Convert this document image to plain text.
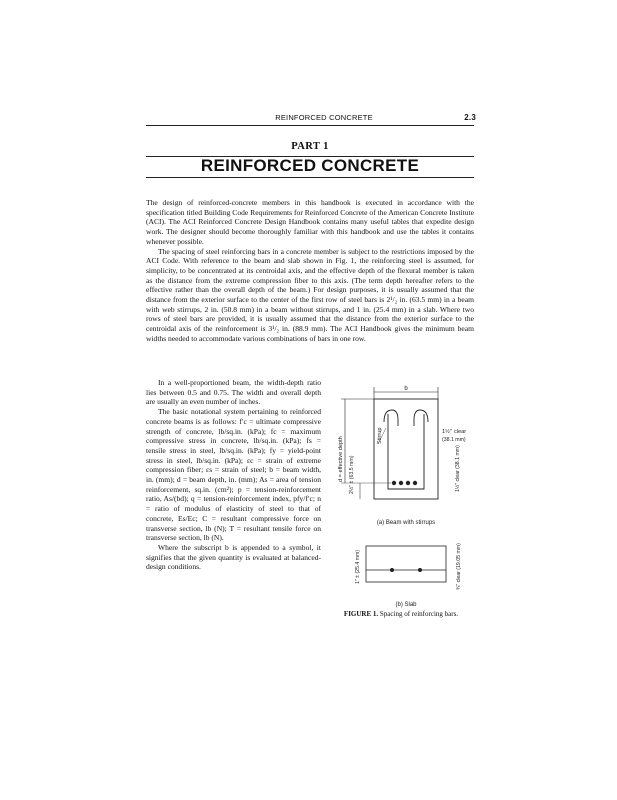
REINFORCED CONCRETE	2.3
PART 1
REINFORCED CONCRETE

The design of reinforced-concrete members in this handbook is executed in accordance with the specification titled Building Code Requirements for Reinforced Concrete of the American Concrete Institute (ACI). The ACI Reinforced Concrete Design Handbook contains many useful tables that expedite design work. The designer should become thoroughly familiar with this handbook and use the tables it contains whenever possible.

The spacing of steel reinforcing bars in a concrete member is subject to the restrictions imposed by the ACI Code. With reference to the beam and slab shown in Fig. 1, the reinforcing steel is assumed, for simplicity, to be concentrated at its centroidal axis, and the effective depth of the flexural member is taken as the distance from the extreme compression fiber to this axis. (The term depth hereafter refers to the effective rather than the overall depth of the beam.) For design purposes, it is usually assumed that the distance from the exterior surface to the center of the first row of steel bars is 2¹/₂ in. (63.5 mm) in a beam with web stirrups, 2 in. (50.8 mm) in a beam without stirrups, and 1 in. (25.4 mm) in a slab. Where two rows of steel bars are provided, it is usually assumed that the distance from the exterior surface to the centroidal axis of the reinforcement is 3¹/₂ in. (88.9 mm). The ACI Handbook gives the minimum beam widths needed to accommodate various combinations of bars in one row.

In a well-proportioned beam, the width-depth ratio lies between 0.5 and 0.75. The width and overall depth are usually an even number of inches.

The basic notational system pertaining to reinforced concrete beams is as follows: f′c = ultimate compressive strength of concrete, lb/sq.in. (kPa); fc = maximum compressive stress in concrete, lb/sq.in. (kPa); fs = tensile stress in steel, lb/sq.in. (kPa); fy = yield-point stress in steel, lb/sq.in. (kPa); εc = strain of extreme compression fiber; εs = strain of steel; b = beam width, in. (mm); d = beam depth, in. (mm); As = area of tension reinforcement, sq.in. (cm²); p = tension-reinforcement ratio, As/(bd); q = tension-reinforcement index, pfy/f′c; n = ratio of modulus of elasticity of steel to that of concrete, Es/Ec; C = resultant compressive force on transverse section, lb (N); T = resultant tensile force on transverse section, lb (N).

Where the subscript b is appended to a symbol, it signifies that the given quantity is evaluated at balanced-design conditions.

b
d = effective depth 2½" ± (63.5 mm)
Stirrup	1½" clear
(38.1 mm)
1½" clear (38.1 mm)
(a) Beam with stirrups
1" ± (25.4 mm)	¾" clear (19.05 mm)
(b) Slab
FIGURE 1. Spacing of reinforcing bars.
